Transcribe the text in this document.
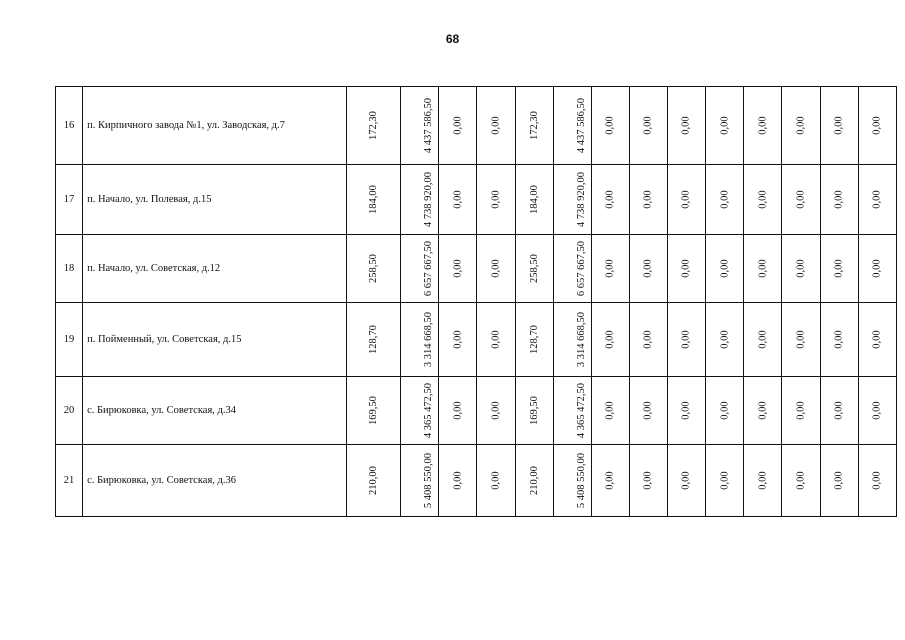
68
16	п. Кирпичного завода №1, ул. Заводская, д.7	172,30	4 437 586,50	0,00	0,00	172,30	4 437 586,50	0,00	0,00	0,00	0,00	0,00	0,00	0,00	0,00
17	п. Начало, ул. Полевая, д.15	184,00	4 738 920,00	0,00	0,00	184,00	4 738 920,00	0,00	0,00	0,00	0,00	0,00	0,00	0,00	0,00
18	п. Начало, ул. Советская, д.12	258,50	6 657 667,50	0,00	0,00	258,50	6 657 667,50	0,00	0,00	0,00	0,00	0,00	0,00	0,00	0,00
19	п. Пойменный, ул. Советская, д.15	128,70	3 314 668,50	0,00	0,00	128,70	3 314 668,50	0,00	0,00	0,00	0,00	0,00	0,00	0,00	0,00
20	с. Бирюковка, ул. Советская, д.34	169,50	4 365 472,50	0,00	0,00	169,50	4 365 472,50	0,00	0,00	0,00	0,00	0,00	0,00	0,00	0,00
21	с. Бирюковка, ул. Советская, д.36	210,00	5 408 550,00	0,00	0,00	210,00	5 408 550,00	0,00	0,00	0,00	0,00	0,00	0,00	0,00	0,00
